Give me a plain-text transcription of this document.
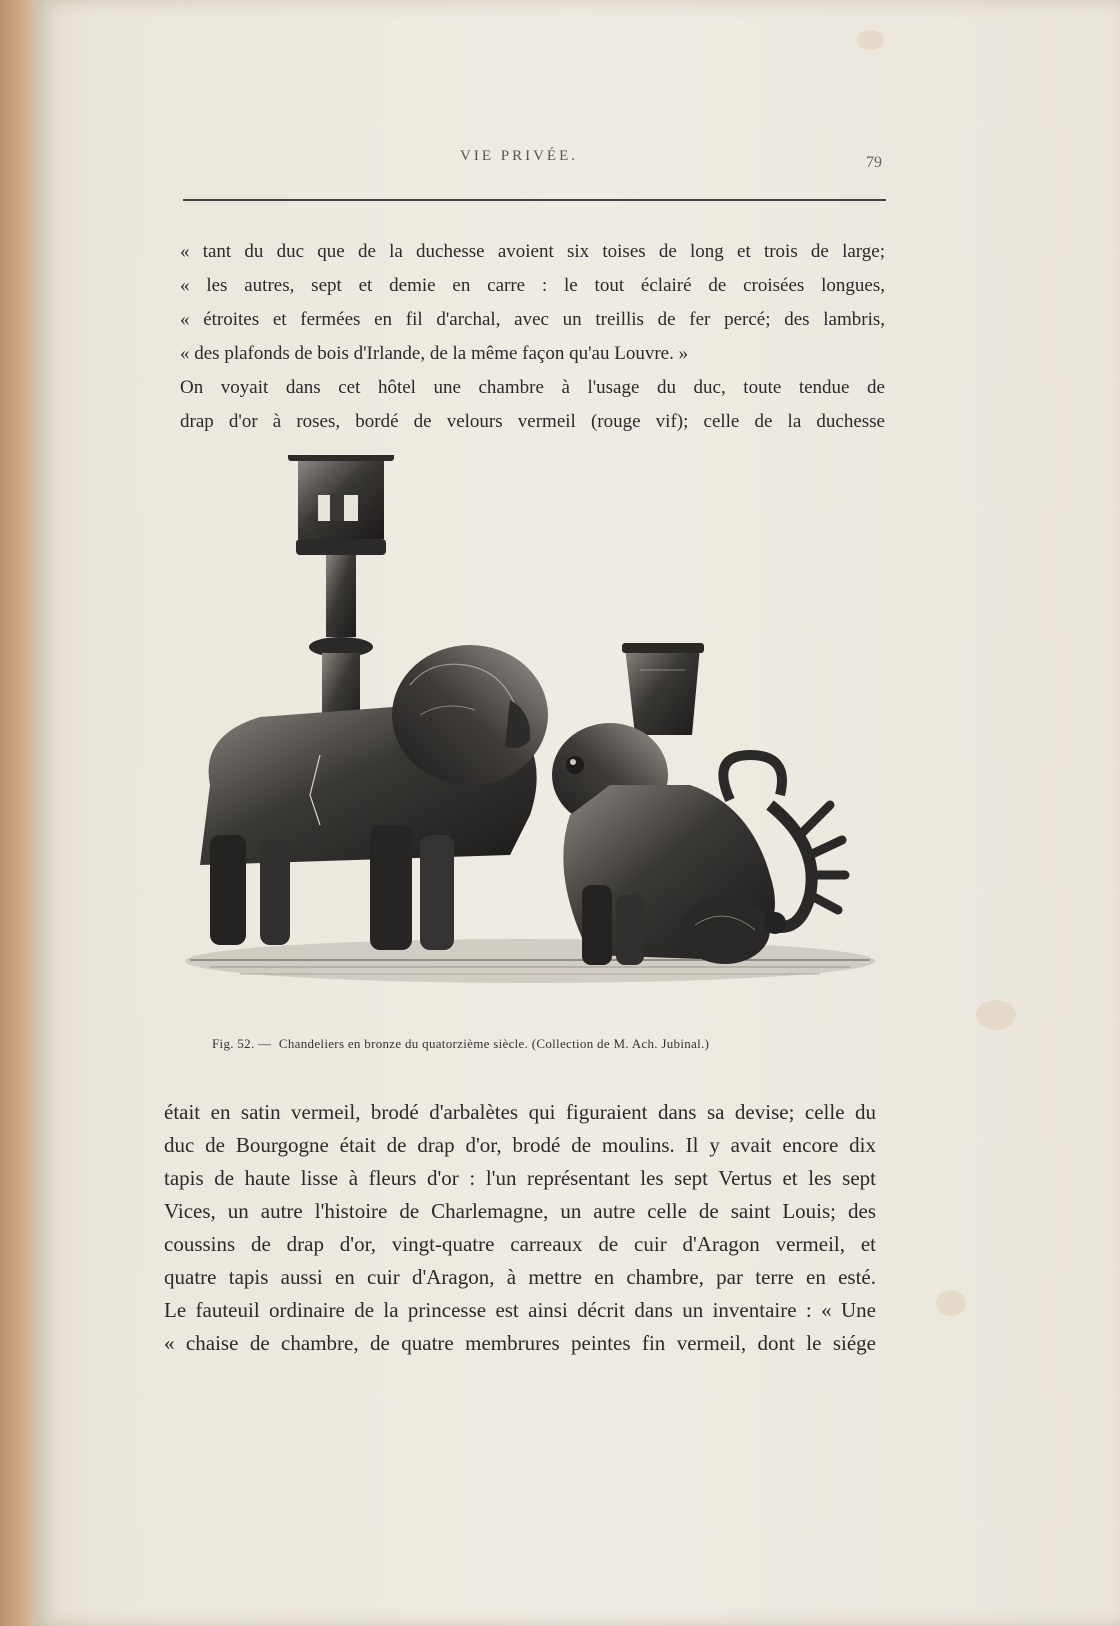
VIE PRIVÉE.	79
« tant du duc que de la duchesse avoient six toises de long et trois de large;
« les autres, sept et demie en carre : le tout éclairé de croisées longues,
« étroites et fermées en fil d'archal, avec un treillis de fer percé; des lambris,
« des plafonds de bois d'Irlande, de la même façon qu'au Louvre. »
On voyait dans cet hôtel une chambre à l'usage du duc, toute tendue de
drap d'or à roses, bordé de velours vermeil (rouge vif); celle de la duchesse
Fig. 52. — Chandeliers en bronze du quatorzième siècle. (Collection de M. Ach. Jubinal.)
était en satin vermeil, brodé d'arbalètes qui figuraient dans sa devise; celle du
duc de Bourgogne était de drap d'or, brodé de moulins. Il y avait encore dix
tapis de haute lisse à fleurs d'or : l'un représentant les sept Vertus et les sept
Vices, un autre l'histoire de Charlemagne, un autre celle de saint Louis; des
coussins de drap d'or, vingt-quatre carreaux de cuir d'Aragon vermeil, et
quatre tapis aussi en cuir d'Aragon, à mettre en chambre, par terre en esté.
Le fauteuil ordinaire de la princesse est ainsi décrit dans un inventaire : « Une
« chaise de chambre, de quatre membrures peintes fin vermeil, dont le siége
